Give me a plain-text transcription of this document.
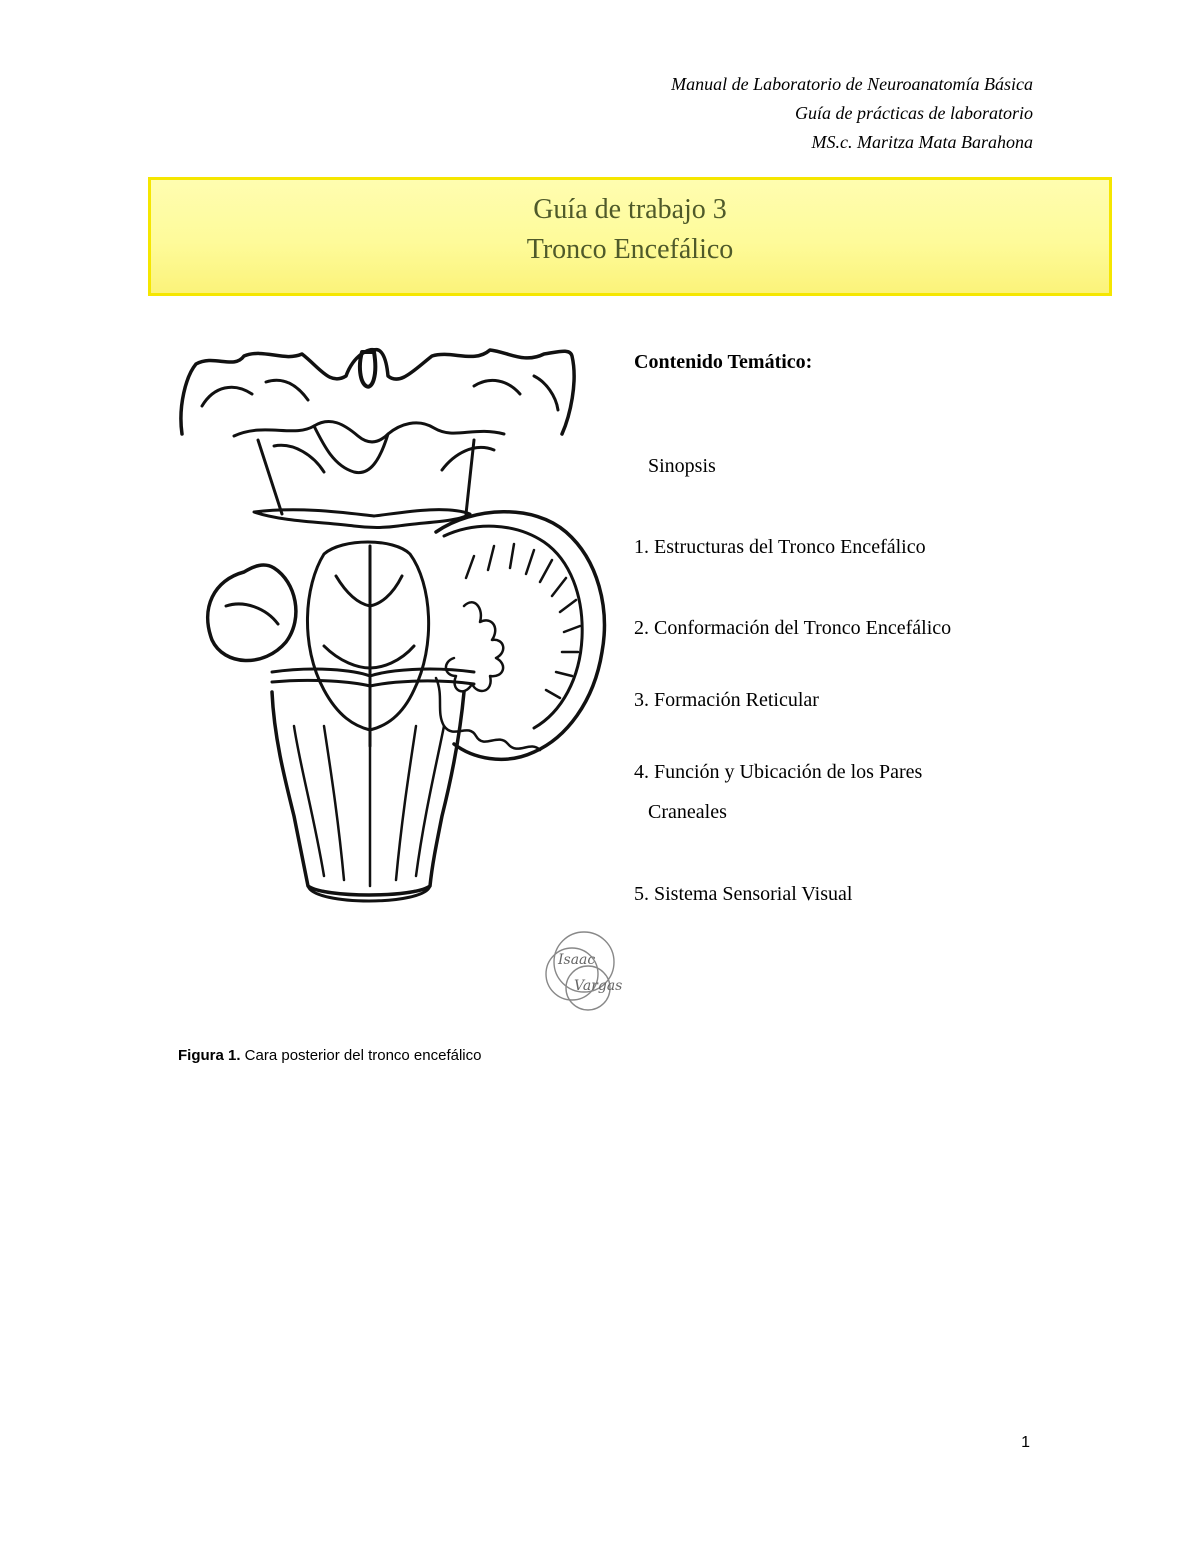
Manual de Laboratorio de Neuroanatomía Básica
Guía de prácticas de laboratorio
MS.c. Maritza Mata Barahona
Guía de trabajo 3
Tronco Encefálico
Isaac
Vargas
Figura 1. Cara posterior del tronco encefálico
Contenido Temático:
Sinopsis
1. Estructuras del Tronco Encefálico
2. Conformación del Tronco Encefálico
3. Formación Reticular
4. Función y Ubicación de los Pares
Craneales
5. Sistema Sensorial Visual
1
